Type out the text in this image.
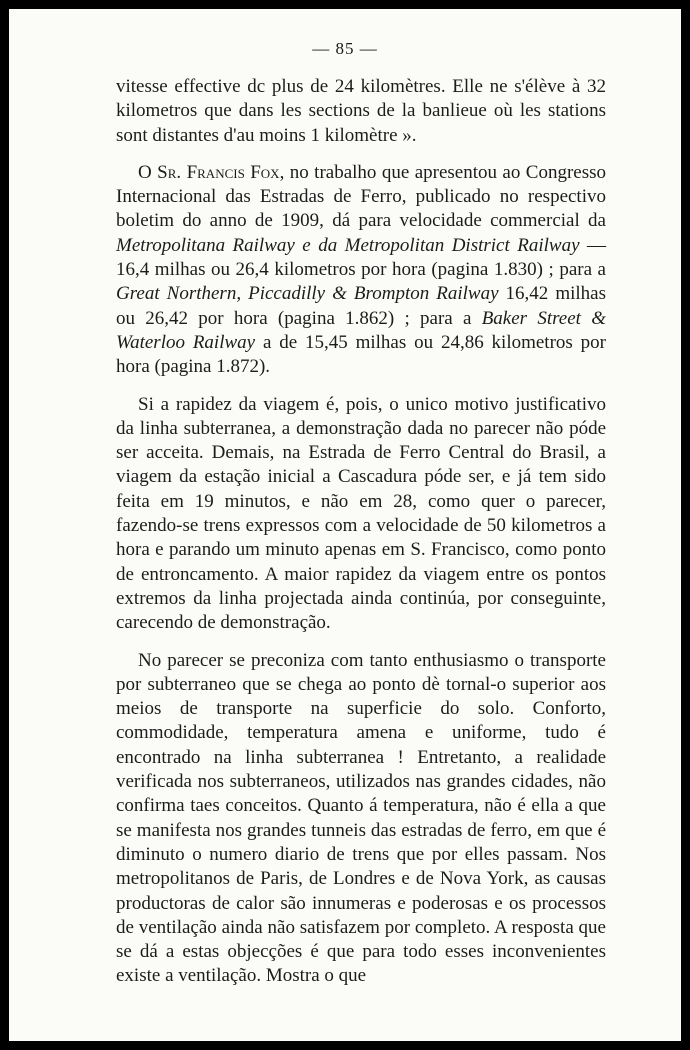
— 85 —

vitesse effective dc plus de 24 kilomètres. Elle ne s'élève à 32 kilometros que dans les sections de la banlieue où les stations sont distantes d'au moins 1 kilomètre ».

O Sr. Francis Fox, no trabalho que apresentou ao Congresso Internacional das Estradas de Ferro, publicado no respectivo boletim do anno de 1909, dá para velocidade commercial da Metropolitana Railway e da Metropolitan District Railway — 16,4 milhas ou 26,4 kilometros por hora (pagina 1.830) ; para a Great Northern, Piccadilly & Brompton Railway 16,42 milhas ou 26,42 por hora (pagina 1.862) ; para a Baker Street & Waterloo Railway a de 15,45 milhas ou 24,86 kilometros por hora (pagina 1.872).

Si a rapidez da viagem é, pois, o unico motivo justificativo da linha subterranea, a demonstração dada no parecer não póde ser acceita. Demais, na Estrada de Ferro Central do Brasil, a viagem da estação inicial a Cascadura póde ser, e já tem sido feita em 19 minutos, e não em 28, como quer o parecer, fazendo-se trens expressos com a velocidade de 50 kilometros a hora e parando um minuto apenas em S. Francisco, como ponto de entroncamento. A maior rapidez da viagem entre os pontos extremos da linha projectada ainda continúa, por conseguinte, carecendo de demonstração.

No parecer se preconiza com tanto enthusiasmo o transporte por subterraneo que se chega ao ponto dè tornal-o superior aos meios de transporte na superficie do solo. Conforto, commodidade, temperatura amena e uniforme, tudo é encontrado na linha subterranea ! Entretanto, a realidade verificada nos subterraneos, utilizados nas grandes cidades, não confirma taes conceitos. Quanto á temperatura, não é ella a que se manifesta nos grandes tunneis das estradas de ferro, em que é diminuto o numero diario de trens que por elles passam. Nos metropolitanos de Paris, de Londres e de Nova York, as causas productoras de calor são innumeras e poderosas e os processos de ventilação ainda não satisfazem por completo. A resposta que se dá a estas objecções é que para todo esses inconvenientes existe a ventilação. Mostra o que
